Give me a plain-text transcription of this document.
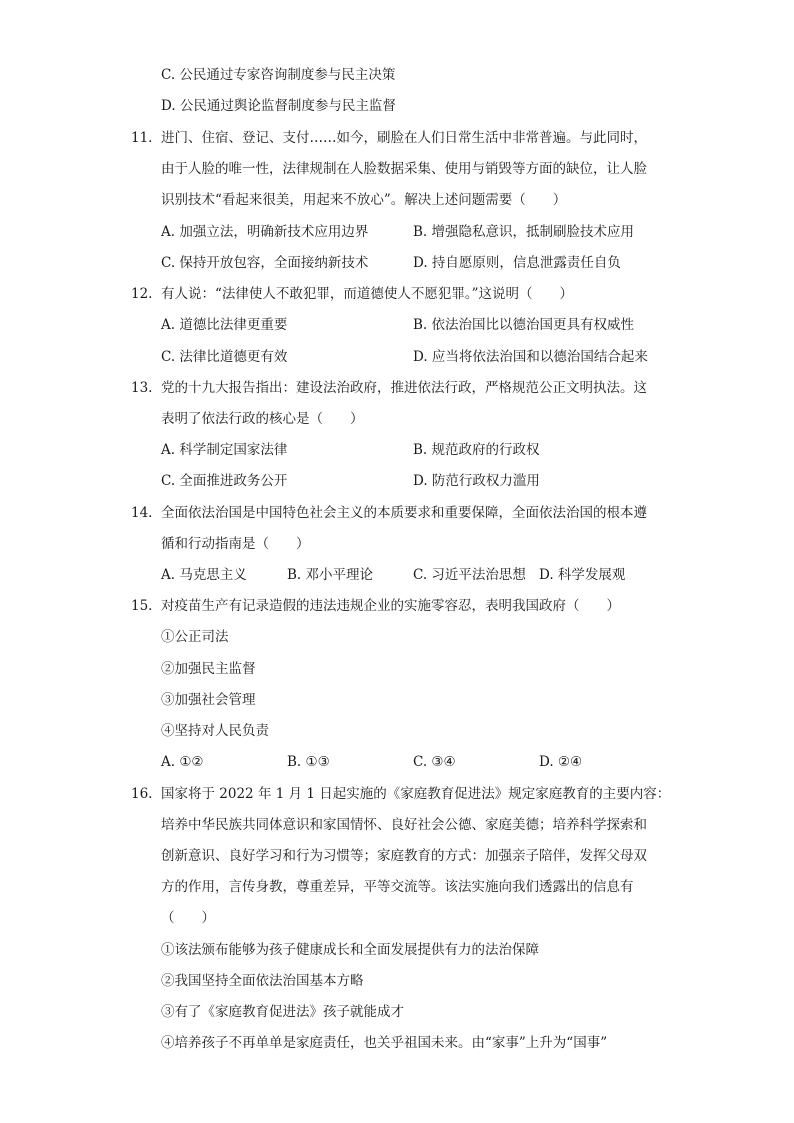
C. 公民通过专家咨询制度参与民主决策
D. 公民通过舆论监督制度参与民主监督
11. 进门、住宿、登记、支付……如今，刷脸在人们日常生活中非常普遍。与此同时，
由于人脸的唯一性，法律规制在人脸数据采集、使用与销毁等方面的缺位，让人脸
识别技术“看起来很美，用起来不放心”。解决上述问题需要（　　）
A. 加强立法，明确新技术应用边界	B. 增强隐私意识，抵制刷脸技术应用
C. 保持开放包容，全面接纳新技术	D. 持自愿原则，信息泄露责任自负
12. 有人说：“法律使人不敢犯罪，而道德使人不愿犯罪。”这说明（　　）
A. 道德比法律更重要	B. 依法治国比以德治国更具有权威性
C. 法律比道德更有效	D. 应当将依法治国和以德治国结合起来
13. 党的十九大报告指出：建设法治政府，推进依法行政，严格规范公正文明执法。这
表明了依法行政的核心是（　　）
A. 科学制定国家法律	B. 规范政府的行政权
C. 全面推进政务公开	D. 防范行政权力滥用
14. 全面依法治国是中国特色社会主义的本质要求和重要保障，全面依法治国的根本遵
循和行动指南是（　　）
A. 马克思主义	B. 邓小平理论	C. 习近平法治思想 D. 科学发展观
15. 对疫苗生产有记录造假的违法违规企业的实施零容忍，表明我国政府（　　）
①公正司法
②加强民主监督
③加强社会管理
④坚持对人民负责
A. ①②	B. ①③	C. ③④	D. ②④
16. 国家将于 2022 年 1 月 1 日起实施的《家庭教育促进法》规定家庭教育的主要内容：
培养中华民族共同体意识和家国情怀、良好社会公德、家庭美德；培养科学探索和
创新意识、良好学习和行为习惯等；家庭教育的方式：加强亲子陪伴，发挥父母双
方的作用，言传身教，尊重差异，平等交流等。该法实施向我们透露出的信息有
（　　）
①该法颁布能够为孩子健康成长和全面发展提供有力的法治保障
②我国坚持全面依法治国基本方略
③有了《家庭教育促进法》孩子就能成才
④培养孩子不再单单是家庭责任，也关乎祖国未来。由“家事”上升为“国事”
